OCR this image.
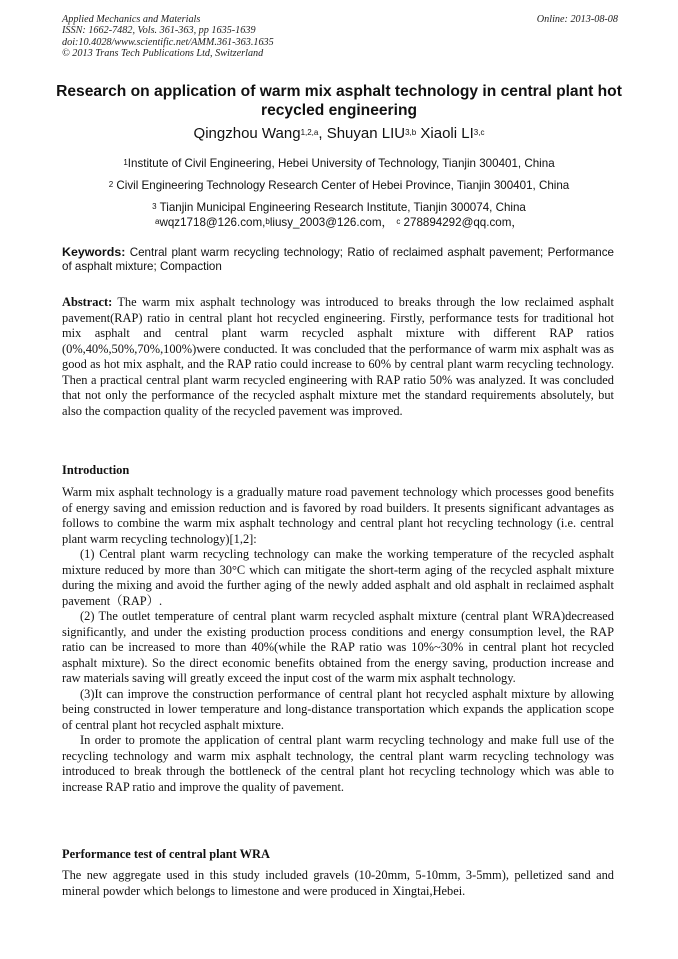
Applied Mechanics and Materials
ISSN: 1662-7482, Vols. 361-363, pp 1635-1639
doi:10.4028/www.scientific.net/AMM.361-363.1635
© 2013 Trans Tech Publications Ltd, Switzerland
Online: 2013-08-08
Research on application of warm mix asphalt technology in central plant hot recycled engineering
Qingzhou Wang$^{1,2,a}$, Shuyan LIU$^{3,b}$ Xiaoli LI$^{3,c}$
$^1$Institute of Civil Engineering, Hebei University of Technology, Tianjin 300401, China
$^2$ Civil Engineering Technology Research Center of Hebei Province, Tianjin 300401, China
$^3$ Tianjin Municipal Engineering Research Institute, Tianjin 300074, China
$^a$wqz1718@126.com,$^b$liusy_2003@126.com， $^c$ 278894292@qq.com，
Keywords: Central plant warm recycling technology; Ratio of reclaimed asphalt pavement; Performance of asphalt mixture; Compaction

Abstract: The warm mix asphalt technology was introduced to breaks through the low reclaimed asphalt pavement(RAP) ratio in central plant hot recycled engineering. Firstly, performance tests for traditional hot mix asphalt and central plant warm recycled asphalt mixture with different RAP ratios (0%,40%,50%,70%,100%)were conducted. It was concluded that the performance of warm mix asphalt was as good as hot mix asphalt, and the RAP ratio could increase to 60% by central plant warm recycling technology. Then a practical central plant warm recycled engineering with RAP ratio 50% was analyzed. It was concluded that not only the performance of the recycled asphalt mixture met the standard requirements absolutely, but also the compaction quality of the recycled pavement was improved.

Introduction

Warm mix asphalt technology is a gradually mature road pavement technology which processes good benefits of energy saving and emission reduction and is favored by road builders. It presents significant advantages as follows to combine the warm mix asphalt technology and central plant hot recycling technology (i.e. central plant warm recycling technology)[1,2]:

(1) Central plant warm recycling technology can make the working temperature of the recycled asphalt mixture reduced by more than 30°C which can mitigate the short-term aging of the recycled asphalt mixture during the mixing and avoid the further aging of the newly added asphalt and old asphalt in reclaimed asphalt pavement（RAP）.

(2) The outlet temperature of central plant warm recycled asphalt mixture (central plant WRA)decreased significantly, and under the existing production process conditions and energy consumption level, the RAP ratio can be increased to more than 40%(while the RAP ratio was 10%~30% in central plant hot recycled asphalt mixture). So the direct economic benefits obtained from the energy saving, production increase and raw materials saving will greatly exceed the input cost of the warm mix asphalt technology.

(3)It can improve the construction performance of central plant hot recycled asphalt mixture by allowing being constructed in lower temperature and long-distance transportation which expands the application scope of central plant hot recycled asphalt mixture.

In order to promote the application of central plant warm recycling technology and make full use of the recycling technology and warm mix asphalt technology, the central plant warm recycling technology was introduced to break through the bottleneck of the central plant hot recycling technology which was able to increase RAP ratio and improve the quality of pavement.

Performance test of central plant WRA

The new aggregate used in this study included gravels (10-20mm, 5-10mm, 3-5mm), pelletized sand and mineral powder which belongs to limestone and were produced in Xingtai,Hebei.
